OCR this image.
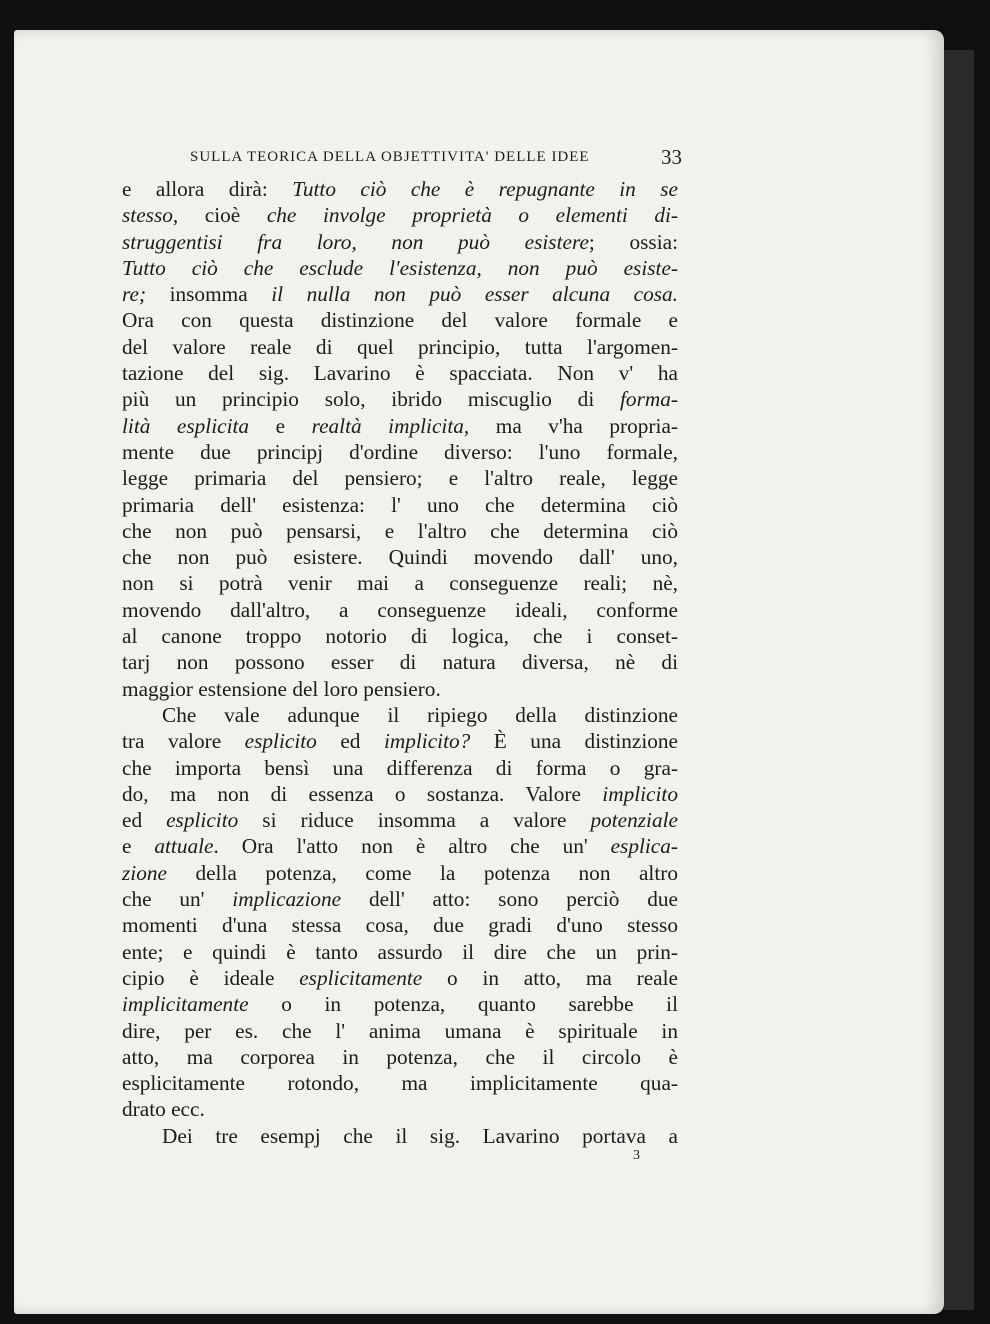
SULLA TEORICA DELLA OBJETTIVITA' DELLE IDEE	33
e allora dirà: Tutto ciò che è repugnante in se
stesso, cioè che involge proprietà o elementi di-
struggentisi fra loro, non può esistere; ossia:
Tutto ciò che esclude l'esistenza, non può esiste-
re; insomma il nulla non può esser alcuna cosa.
Ora con questa distinzione del valore formale e
del valore reale di quel principio, tutta l'argomen-
tazione del sig. Lavarino è spacciata. Non v' ha
più un principio solo, ibrido miscuglio di forma-
lità esplicita e realtà implicita, ma v'ha propria-
mente due principj d'ordine diverso: l'uno formale,
legge primaria del pensiero; e l'altro reale, legge
primaria dell' esistenza: l' uno che determina ciò
che non può pensarsi, e l'altro che determina ciò
che non può esistere. Quindi movendo dall' uno,
non si potrà venir mai a conseguenze reali; nè,
movendo dall'altro, a conseguenze ideali, conforme
al canone troppo notorio di logica, che i conset-
tarj non possono esser di natura diversa, nè di
maggior estensione del loro pensiero.
Che vale adunque il ripiego della distinzione
tra valore esplicito ed implicito? È una distinzione
che importa bensì una differenza di forma o gra-
do, ma non di essenza o sostanza. Valore implicito
ed esplicito si riduce insomma a valore potenziale
e attuale. Ora l'atto non è altro che un' esplica-
zione della potenza, come la potenza non altro
che un' implicazione dell' atto: sono perciò due
momenti d'una stessa cosa, due gradi d'uno stesso
ente; e quindi è tanto assurdo il dire che un prin-
cipio è ideale esplicitamente o in atto, ma reale
implicitamente o in potenza, quanto sarebbe il
dire, per es. che l' anima umana è spirituale in
atto, ma corporea in potenza, che il circolo è
esplicitamente rotondo, ma implicitamente qua-
drato ecc.
Dei tre esempj che il sig. Lavarino portava a
3
